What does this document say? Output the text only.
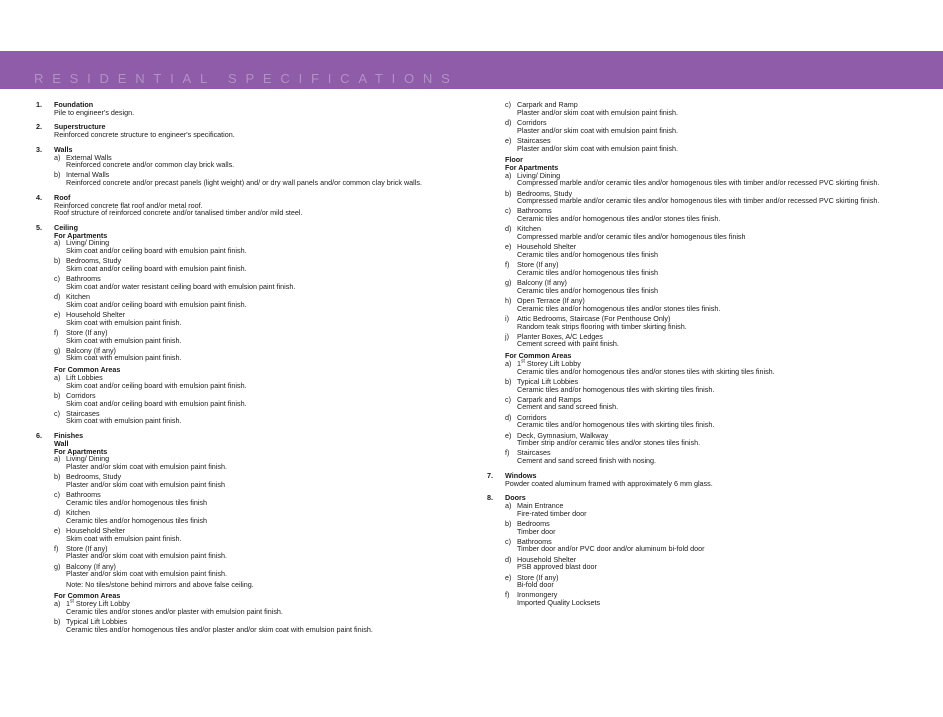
RESIDENTIAL SPECIFICATIONS
1. Foundation
Pile to engineer's design.
2. Superstructure
Reinforced concrete structure to engineer's specification.
3. Walls
a) External Walls
Reinforced concrete and/or common clay brick walls.
b) Internal Walls
Reinforced concrete and/or precast panels (light weight) and/ or dry wall panels and/or common clay brick walls.
4. Roof
Reinforced concrete flat roof and/or metal roof.
Roof structure of reinforced concrete and/or tanalised timber and/or mild steel.
5. Ceiling
For Apartments
a) Living/ Dining
Skim coat and/or ceiling board with emulsion paint finish.
b) Bedrooms, Study
Skim coat and/or ceiling board with emulsion paint finish.
c) Bathrooms
Skim coat and/or water resistant ceiling board with emulsion paint finish.
d) Kitchen
Skim coat and/or ceiling board with emulsion paint finish.
e) Household Shelter
Skim coat with emulsion paint finish.
f) Store (If any)
Skim coat with emulsion paint finish.
g) Balcony (If any)
Skim coat with emulsion paint finish.
For Common Areas
a) Lift Lobbies
Skim coat and/or ceiling board with emulsion paint finish.
b) Corridors
Skim coat and/or ceiling board with emulsion paint finish.
c) Staircases
Skim coat with emulsion paint finish.
6. Finishes
Wall
For Apartments
a) Living/ Dining
Plaster and/or skim coat with emulsion paint finish.
b) Bedrooms, Study
Plaster and/or skim coat with emulsion paint finish
c) Bathrooms
Ceramic tiles and/or homogenous tiles finish
d) Kitchen
Ceramic tiles and/or homogenous tiles finish
e) Household Shelter
Skim coat with emulsion paint finish.
f) Store (If any)
Plaster and/or skim coat with emulsion paint finish.
g) Balcony (If any)
Plaster and/or skim coat with emulsion paint finish.
Note: No tiles/stone behind mirrors and above false ceiling.
For Common Areas
a) 1st Storey Lift Lobby
Ceramic tiles and/or stones and/or plaster with emulsion paint finish.
b) Typical Lift Lobbies
Ceramic tiles and/or homogenous tiles and/or plaster and/or skim coat with emulsion paint finish.
c) Carpark and Ramp
Plaster and/or skim coat with emulsion paint finish.
d) Corridors
Plaster and/or skim coat with emulsion paint finish.
e) Staircases
Plaster and/or skim coat with emulsion paint finish.
Floor
For Apartments
a) Living/ Dining
Compressed marble and/or ceramic tiles and/or homogenous tiles with timber and/or recessed PVC skirting finish.
b) Bedrooms, Study
Compressed marble and/or ceramic tiles and/or homogenous tiles with timber and/or recessed PVC skirting finish.
c) Bathrooms
Ceramic tiles and/or homogenous tiles and/or stones tiles finish.
d) Kitchen
Compressed marble and/or ceramic tiles and/or homogenous tiles finish
e) Household Shelter
Ceramic tiles and/or homogenous tiles finish
f) Store (If any)
Ceramic tiles and/or homogenous tiles finish
g) Balcony (If any)
Ceramic tiles and/or homogenous tiles finish
h) Open Terrace (If any)
Ceramic tiles and/or homogenous tiles and/or stones tiles finish.
i) Attic Bedrooms, Staircase (For Penthouse Only)
Random teak strips flooring with timber skirting finish.
j) Planter Boxes, A/C Ledges
Cement screed with paint finish.
For Common Areas
a) 1st Storey Lift Lobby
Ceramic tiles and/or homogenous tiles and/or stones tiles with skirting tiles finish.
b) Typical Lift Lobbies
Ceramic tiles and/or homogenous tiles with skirting tiles finish.
c) Carpark and Ramps
Cement and sand screed finish.
d) Corridors
Ceramic tiles and/or homogenous tiles with skirting tiles finish.
e) Deck, Gymnasium, Walkway
Timber strip and/or ceramic tiles and/or stones tiles finish.
f) Staircases
Cement and sand screed finish with nosing.
7. Windows
Powder coated aluminum framed with approximately 6 mm glass.
8. Doors
a) Main Entrance
Fire-rated timber door
b) Bedrooms
Timber door
c) Bathrooms
Timber door and/or PVC door and/or aluminum bi-fold door
d) Household Shelter
PSB approved blast door
e) Store (If any)
Bi-fold door
f) Ironmongery
Imported Quality Locksets
